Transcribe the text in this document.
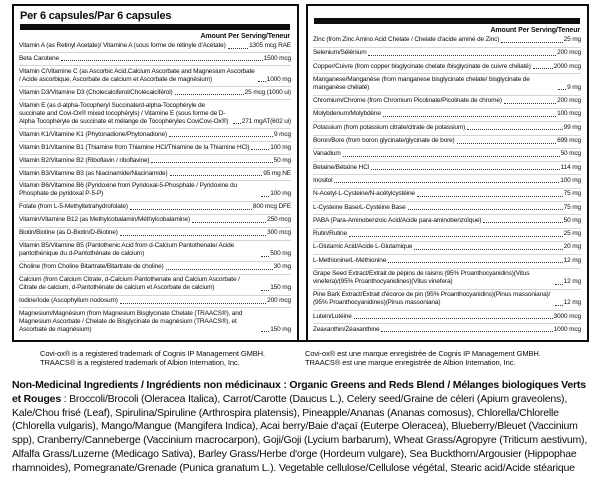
Per 6 capsules/Par 6 capsules
Amount Per Serving/Teneur
Vitamin A (as Retinyl Acetate)/ Vitamine A (sous forme de rétinyle d'Acétate)	1305 mcg RAE
Beta Carotene	1500 mcg
Vitamin C/Vitamine C (as Ascorbic Acid,Calcium Ascorbate and Magnesium Ascorbate / Acide ascorbique, Ascorbate de calcium et Ascorbate de magnésium)	1000 mg
Vitamin D3/Vitamine D3 (Cholecalciferol/Cholécalciférol)	25 mcg (1000 ui)
Vitamin E (as d-alpha-Tocopheryl Succinate/d-alpha-Tocophéryle de succinate and Covi-Ox® mixed tocophéryls) / Vitamine E (sous forme de D-Alpha Tocophéryle de succinate et mélange de Tocophéryles CoviCovi-Ox®)	271 mgAT(602 ui)
Vitamin K1/Vitamine K1 (Phytonadione/Phytonadione)	9 mcg
Vitamin B1/Vitamine B1 (Thiamine from Thiamine HCl/Thiamine de la Thiamine HCl)	100 mg
Vitamin B2/Vitamine B2 (Riboflavin / riboflavine)	50 mg
Vitamin B3/Vitamine B3 (as Niacinamide/Niacinamide)	95 mg NE
Vitamin B6/Vitamine B6 (Pyridoxine from Pyridoxal-5-Phosphate / Pyridoxine du Phosphate de pyridoxal P-5-P)	100 mg
Folate (from L-5-Methyltetrahydrofolate)	800 mcg DFE
Vitamin/Vitamine B12 (as Methylcobalamin/Méthylcobalamine)	250 mcg
Biotin/Biotine (as D-Biotin/D-Biotine)	300 mcg
Vitamin B5/Vitamine B5 (Pantothenic Acid from d-Calcium Pantothenate/ Acide pantothénique du d-Pantothénate de calcium)	500 mg
Choline (from Choline Bitartrate/Bitartrate de choline)	30 mg
Calcium (from Calcium Citrate, d-Calcium Pantothenate and Calcium Ascorbate / Citrate de calcium, d-Pantothénate de calcium et Ascorbate de calcium)	150 mg
Iodine/Iode (Ascophyllum nodosum)	200 mcg
Magnesium/Magnésium (from Magnesium Bisglycinate Chelate (TRAACS®), and Magnesium Ascorbate / Chelate de Bisglycinate de magnésium (TRAACS®), et Ascorbate de magnésium)	150 mg
Amount Per Serving/Teneur
Zinc (from Zinc Amino Acid Chelate / Chelate d'acide aminé de Zinc)	25 mg
Selenium/Sélénium	200 mcg
Copper/Cuivre (from copper bisglycinate chelate /bisglycinate de cuivre chélaté)	2000 mcg
Manganese/Manganèse (from manganese bisglycinate chelate/ bisglycinate de manganèse chélaté)	9 mg
Chromium/Chrome (from Chromium Picolinate/Picolinate de chrome)	200 mcg
Molybdenum/Molybdène	100 mcg
Potassium (from potassium citrate/citrate de potassium)	99 mg
Boron/Bore (from boron glycinate/glycinate de bore)	699 mcg
Vanadium	50 mcg
Betaine/Bétaïne HCl	114 mg
Inositol	100 mg
N-Acetyl-L-Cysteine/N-acétylcystéine	75 mg
L-Cysteine Base/L-Cystéine Base	75 mg
PABA (Para-Aminobenzoic Acid/Acide para-aminobenzoïque)	50 mg
Rutin/Rutine	25 mg
L-Glutamic Acid/Acide L-Glutamique	20 mg
L-Methionine/L-Méthionine	12 mg
Grape Seed Extract/Extrait de pépins de raisins (95% Proanthocyanidins)(Vitus vinefera)/(95% Proanthocyanidines)(Vitus vinefera)	12 mg
Pine Bark Extract/Extrait d'écorce de pin (95% Proanthocyanidins)(Pinus massoniana)/ (95% Proanthocyanidines)(Pinus massoniana)	12 mg
Lutein/Lutéine	3000 mcg
Zeaxanthin/Zéaxanthine	1000 mcg
Covi-ox® is a registered trademark of Cognis IP Management GMBH.
TRAACS® is a registered trademark of Albion Internation, Inc.
Covi-ox® est une marque enregistrée de Cognis IP Management GMBH.
TRAACS® est une marque enregistrée de Albion Internation, Inc.

Non-Medicinal Ingredients / Ingrédients non médicinaux : Organic Greens and Reds Blend / Mélanges biologiques Verts et Rouges : Broccoli/Brocoli (Oleracea Italica), Carrot/Carotte (Daucus L.), Celery seed/Graine de céleri (Apium graveolens), Kale/Chou frisé (Leaf), Spirulina/Spiruline (Arthrospira platensis), Pineapple/Ananas (Ananas comosus), Chlorella/Chlorelle (Chlorella vulgaris), Mango/Mangue (Mangifera Indica), Acai berry/Baie d'açaï (Euterpe Oleracea), Blueberry/Bleuet (Vaccinium spp), Cranberry/Canneberge (Vaccinium macrocarpon), Goji/Goji (Lycium barbarum), Wheat Grass/Agropyre (Triticum aestivum), Alfalfa Grass/Luzerne (Medicago Sativa), Barley Grass/Herbe d'orge (Hordeum vulgare), Sea Buckthorn/Argousier (Hippophae rhamnoides), Pomegranate/Grenade (Punica granatum L.). Vegetable cellulose/Cellulose végétal, Stearic acid/Acide stéarique
